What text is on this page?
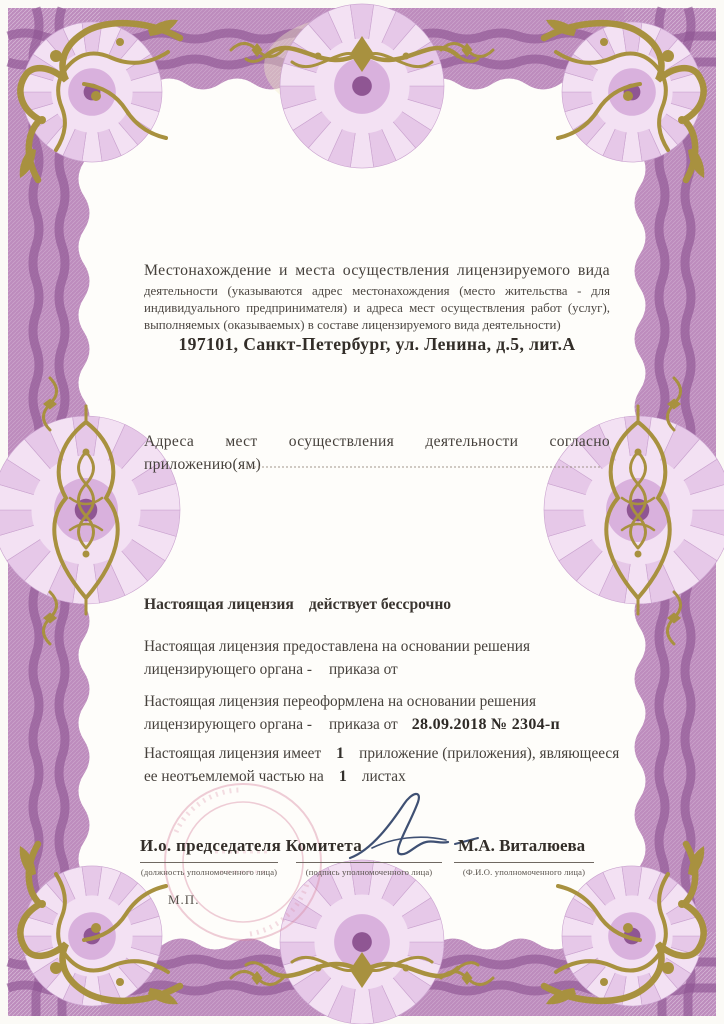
Местонахождение и места осуществления лицензируемого вида
деятельности (указываются адрес местонахождения (место жительства - для
индивидуального предпринимателя) и адреса мест осуществления работ (услуг),
выполняемых (оказываемых) в составе лицензируемого вида деятельности)
197101, Санкт-Петербург, ул. Ленина, д.5, лит.А
Адреса мест осуществления деятельности согласно
приложению(ям)
Настоящая лицензия действует бессрочно
Настоящая лицензия предоставлена на основании решения
лицензирующего органа - приказа от
Настоящая лицензия переоформлена на основании решения
лицензирующего органа - приказа от 28.09.2018 № 2304-п
Настоящая лицензия имеет 1 приложение (приложения), являющееся
ее неотъемлемой частью на 1 листах
И.о. председателя Комитета	М.А. Виталюева
(должность уполномоченного лица)	(подпись уполномоченного лица)	(Ф.И.О. уполномоченного лица)
М.П.
